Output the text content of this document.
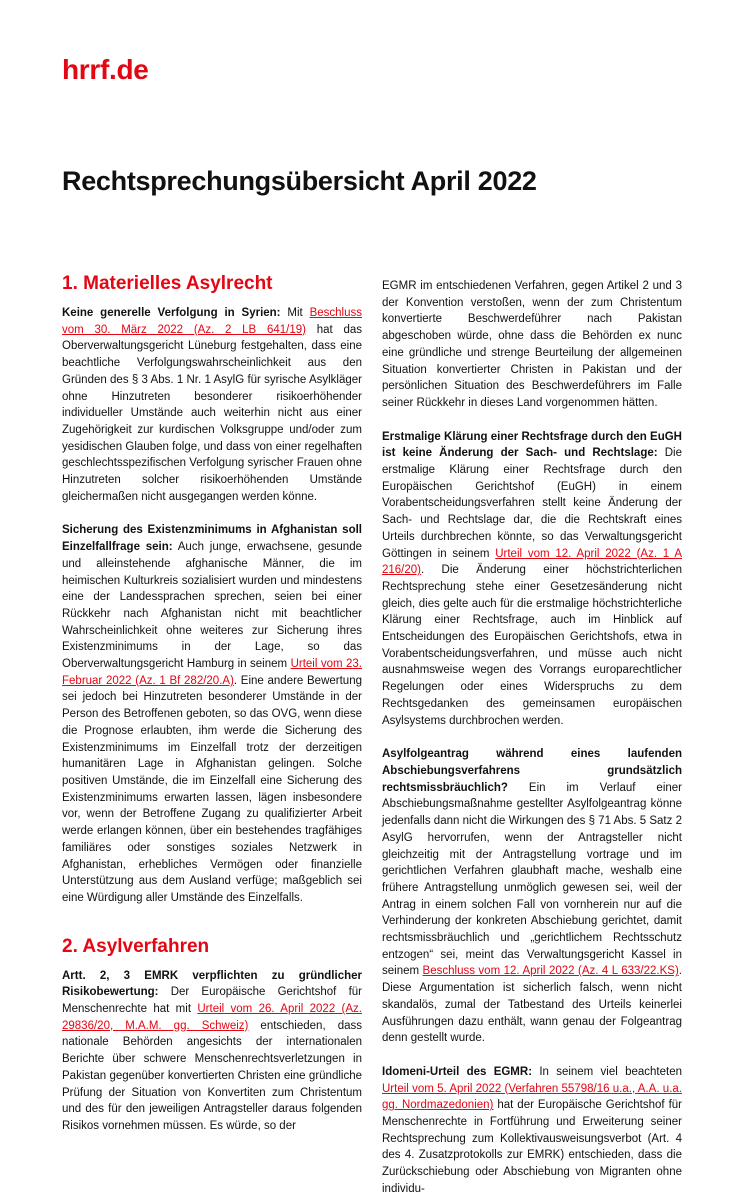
hrrf.de
Rechtsprechungsübersicht April 2022
1. Materielles Asylrecht

Keine generelle Verfolgung in Syrien: Mit Beschluss vom 30. März 2022 (Az. 2 LB 641/19) hat das Oberverwaltungsgericht Lüneburg festgehalten, dass eine beachtliche Verfolgungswahrscheinlichkeit aus den Gründen des § 3 Abs. 1 Nr. 1 AsylG für syrische Asylkläger ohne Hinzutreten besonderer risikoerhöhender individueller Umstände auch weiterhin nicht aus einer Zugehörigkeit zur kurdischen Volksgruppe und/oder zum yesidischen Glauben folge, und dass von einer regelhaften geschlechtsspezifischen Verfolgung syrischer Frauen ohne Hinzutreten solcher risikoerhöhenden Umstände gleichermaßen nicht ausgegangen werden könne.

Sicherung des Existenzminimums in Afghanistan soll Einzelfallfrage sein: Auch junge, erwachsene, gesunde und alleinstehende afghanische Männer, die im heimischen Kulturkreis sozialisiert wurden und mindestens eine der Landessprachen sprechen, seien bei einer Rückkehr nach Afghanistan nicht mit beachtlicher Wahrscheinlichkeit ohne weiteres zur Sicherung ihres Existenzminimums in der Lage, so das Oberverwaltungsgericht Hamburg in seinem Urteil vom 23. Februar 2022 (Az. 1 Bf 282/20.A). Eine andere Bewertung sei jedoch bei Hinzutreten besonderer Umstände in der Person des Betroffenen geboten, so das OVG, wenn diese die Prognose erlaubten, ihm werde die Sicherung des Existenzminimums im Einzelfall trotz der derzeitigen humanitären Lage in Afghanistan gelingen. Solche positiven Umstände, die im Einzelfall eine Sicherung des Existenzminimums erwarten lassen, lägen insbesondere vor, wenn der Betroffene Zugang zu qualifizierter Arbeit werde erlangen können, über ein bestehendes tragfähiges familiäres oder sonstiges soziales Netzwerk in Afghanistan, erhebliches Vermögen oder finanzielle Unterstützung aus dem Ausland verfüge; maßgeblich sei eine Würdigung aller Umstände des Einzelfalls.

2. Asylverfahren

Artt. 2, 3 EMRK verpflichten zu gründlicher Risikobewertung: Der Europäische Gerichtshof für Menschenrechte hat mit Urteil vom 26. April 2022 (Az. 29836/20, M.A.M. gg. Schweiz) entschieden, dass nationale Behörden angesichts der internationalen Berichte über schwere Menschenrechtsverletzungen in Pakistan gegenüber konvertierten Christen eine gründliche Prüfung der Situation von Konvertiten zum Christentum und des für den jeweiligen Antragsteller daraus folgenden Risikos vornehmen müssen. Es würde, so der

EGMR im entschiedenen Verfahren, gegen Artikel 2 und 3 der Konvention verstoßen, wenn der zum Christentum konvertierte Beschwerdeführer nach Pakistan abgeschoben würde, ohne dass die Behörden ex nunc eine gründliche und strenge Beurteilung der allgemeinen Situation konvertierter Christen in Pakistan und der persönlichen Situation des Beschwerdeführers im Falle seiner Rückkehr in dieses Land vorgenommen hätten.

Erstmalige Klärung einer Rechtsfrage durch den EuGH ist keine Änderung der Sach- und Rechtslage: Die erstmalige Klärung einer Rechtsfrage durch den Europäischen Gerichtshof (EuGH) in einem Vorabentscheidungsverfahren stellt keine Änderung der Sach- und Rechtslage dar, die die Rechtskraft eines Urteils durchbrechen könnte, so das Verwaltungsgericht Göttingen in seinem Urteil vom 12. April 2022 (Az. 1 A 216/20). Die Änderung einer höchstrichterlichen Rechtsprechung stehe einer Gesetzesänderung nicht gleich, dies gelte auch für die erstmalige höchstrichterliche Klärung einer Rechtsfrage, auch im Hinblick auf Entscheidungen des Europäischen Gerichtshofs, etwa in Vorabentscheidungsverfahren, und müsse auch nicht ausnahmsweise wegen des Vorrangs europarechtlicher Regelungen oder eines Widerspruchs zu dem Rechtsgedanken des gemeinsamen europäischen Asylsystems durchbrochen werden.

Asylfolgeantrag während eines laufenden Abschiebungsverfahrens grundsätzlich rechtsmissbräuchlich? Ein im Verlauf einer Abschiebungsmaßnahme gestellter Asylfolgeantrag könne jedenfalls dann nicht die Wirkungen des § 71 Abs. 5 Satz 2 AsylG hervorrufen, wenn der Antragsteller nicht gleichzeitig mit der Antragstellung vortrage und im gerichtlichen Verfahren glaubhaft mache, weshalb eine frühere Antragstellung unmöglich gewesen sei, weil der Antrag in einem solchen Fall von vornherein nur auf die Verhinderung der konkreten Abschiebung gerichtet, damit rechtsmissbräuchlich und „gerichtlichem Rechtsschutz entzogen“ sei, meint das Verwaltungsgericht Kassel in seinem Beschluss vom 12. April 2022 (Az. 4 L 633/22.KS). Diese Argumentation ist sicherlich falsch, wenn nicht skandalös, zumal der Tatbestand des Urteils keinerlei Ausführungen dazu enthält, wann genau der Folgeantrag denn gestellt wurde.

Idomeni-Urteil des EGMR: In seinem viel beachteten Urteil vom 5. April 2022 (Verfahren 55798/16 u.a., A.A. u.a. gg. Nordmazedonien) hat der Europäische Gerichtshof für Menschenrechte in Fortführung und Erweiterung seiner Rechtsprechung zum Kollektivausweisungsverbot (Art. 4 des 4. Zusatzprotokolls zur EMRK) entschieden, dass die Zurückschiebung oder Abschiebung von Migranten ohne individu-
